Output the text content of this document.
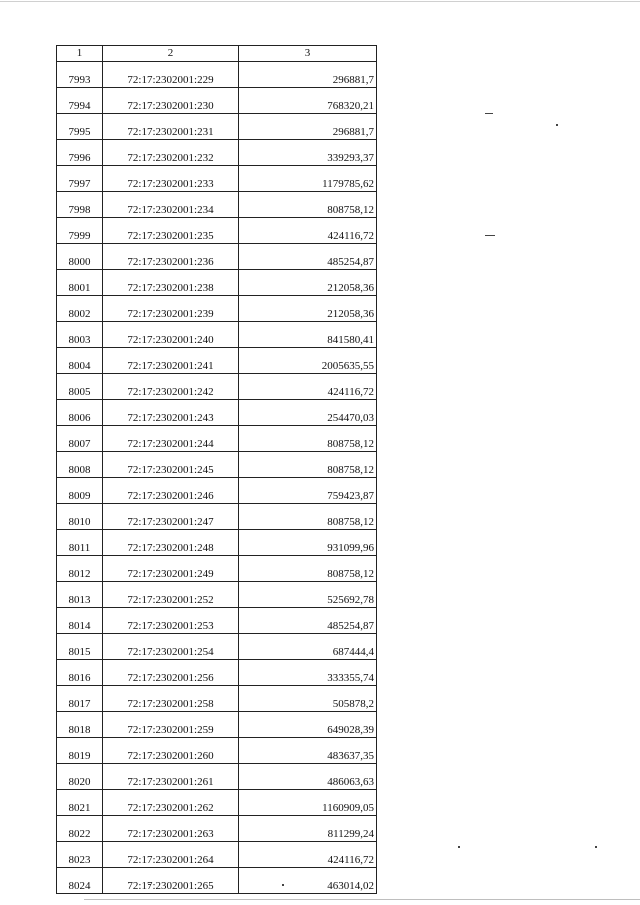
1	2	3
7993	72:17:2302001:229	296881,7
7994	72:17:2302001:230	768320,21
7995	72:17:2302001:231	296881,7
7996	72:17:2302001:232	339293,37
7997	72:17:2302001:233	1179785,62
7998	72:17:2302001:234	808758,12
7999	72:17:2302001:235	424116,72
8000	72:17:2302001:236	485254,87
8001	72:17:2302001:238	212058,36
8002	72:17:2302001:239	212058,36
8003	72:17:2302001:240	841580,41
8004	72:17:2302001:241	2005635,55
8005	72:17:2302001:242	424116,72
8006	72:17:2302001:243	254470,03
8007	72:17:2302001:244	808758,12
8008	72:17:2302001:245	808758,12
8009	72:17:2302001:246	759423,87
8010	72:17:2302001:247	808758,12
8011	72:17:2302001:248	931099,96
8012	72:17:2302001:249	808758,12
8013	72:17:2302001:252	525692,78
8014	72:17:2302001:253	485254,87
8015	72:17:2302001:254	687444,4
8016	72:17:2302001:256	333355,74
8017	72:17:2302001:258	505878,2
8018	72:17:2302001:259	649028,39
8019	72:17:2302001:260	483637,35
8020	72:17:2302001:261	486063,63
8021	72:17:2302001:262	1160909,05
8022	72:17:2302001:263	811299,24
8023	72:17:2302001:264	424116,72
8024	72:17:2302001:265	463014,02
